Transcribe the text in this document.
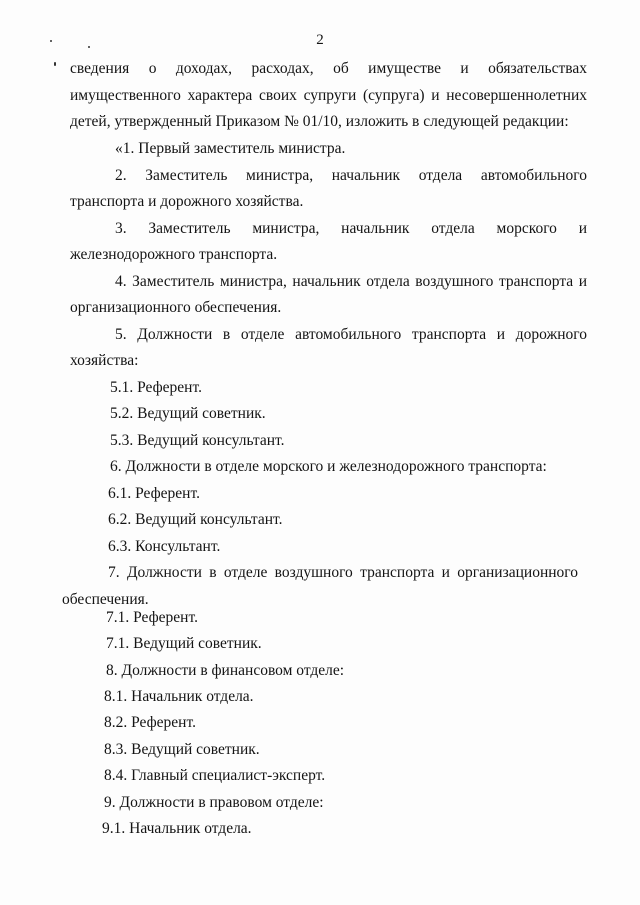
2
сведения о доходах, расходах, об имуществе и обязательствах
имущественного характера своих супруги (супруга) и несовершеннолетних
детей, утвержденный Приказом № 01/10, изложить в следующей редакции:
«1. Первый заместитель министра.
2. Заместитель министра, начальник отдела автомобильного
транспорта и дорожного хозяйства.
3. Заместитель министра, начальник отдела морского и
железнодорожного транспорта.
4. Заместитель министра, начальник отдела воздушного транспорта и
организационного обеспечения.
5. Должности в отделе автомобильного транспорта и дорожного
хозяйства:
5.1. Референт.
5.2. Ведущий советник.
5.3. Ведущий консультант.
6. Должности в отделе морского и железнодорожного транспорта:
6.1. Референт.
6.2. Ведущий консультант.
6.3. Консультант.
7. Должности в отделе воздушного транспорта и организационного
обеспечения.
7.1. Референт.
7.1. Ведущий советник.
8. Должности в финансовом отделе:
8.1. Начальник отдела.
8.2. Референт.
8.3. Ведущий советник.
8.4. Главный специалист-эксперт.
9. Должности в правовом отделе:
9.1. Начальник отдела.
